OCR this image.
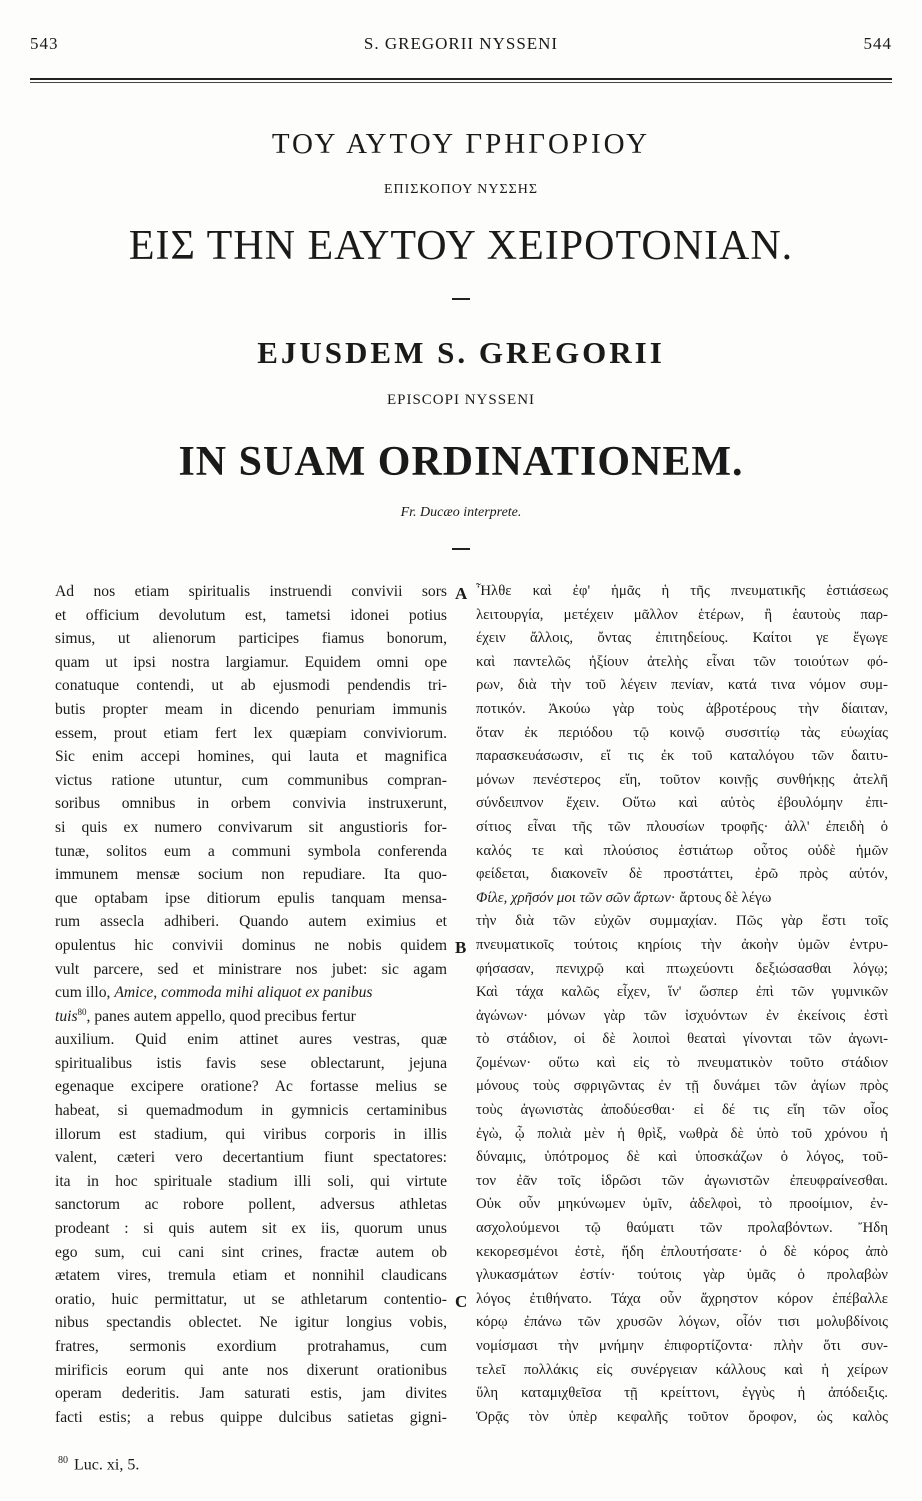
543	S. GREGORII NYSSENI	544
ΤΟΥ ΑΥΤΟΥ ΓΡΗΓΟΡΙΟΥ
ΕΠΙΣΚΟΠΟΥ ΝΥΣΣΗΣ
ΕΙΣ ΤΗΝ ΕΑΥΤΟΥ ΧΕΙΡΟΤΟΝΙΑΝ.
EJUSDEM S. GREGORII
EPISCOPI NYSSENI
IN SUAM ORDINATIONEM.
Fr. Ducæo interprete.
Ad nos etiam spiritualis instruendi convivii sors
et officium devolutum est, tametsi idonei potius
simus, ut alienorum participes fiamus bonorum,
quam ut ipsi nostra largiamur. Equidem omni ope
conatuque contendi, ut ab ejusmodi pendendis tri-
butis propter meam in dicendo penuriam immunis
essem, prout etiam fert lex quæpiam conviviorum.
Sic enim accepi homines, qui lauta et magnifica
victus ratione utuntur, cum communibus compran-
soribus omnibus in orbem convivia instruxerunt,
si quis ex numero convivarum sit angustioris for-
tunæ, solitos eum a communi symbola conferenda
immunem mensæ socium non repudiare. Ita quo-
que optabam ipse ditiorum epulis tanquam mensa-
rum assecla adhiberi. Quando autem eximius et
opulentus hic convivii dominus ne nobis quidem
vult parcere, sed et ministrare nos jubet: sic agam
cum illo, Amice, commoda mihi aliquot ex panibus
tuis$^{80}$, panes autem appello, quod precibus fertur
auxilium. Quid enim attinet aures vestras, quæ
spiritualibus istis favis sese oblectarunt, jejuna
egenaque excipere oratione? Ac fortasse melius se
habeat, si quemadmodum in gymnicis certaminibus
illorum est stadium, qui viribus corporis in illis
valent, cæteri vero decertantium fiunt spectatores:
ita in hoc spirituale stadium illi soli, qui virtute
sanctorum ac robore pollent, adversus athletas
prodeant : si quis autem sit ex iis, quorum unus
ego sum, cui cani sint crines, fractæ autem ob
ætatem vires, tremula etiam et nonnihil claudicans
oratio, huic permittatur, ut se athletarum contentio-
nibus spectandis oblectet. Ne igitur longius vobis,
fratres, sermonis exordium protrahamus, cum
mirificis eorum qui ante nos dixerunt orationibus
operam dederitis. Jam saturati estis, jam divites
facti estis; a rebus quippe dulcibus satietas gigni-
A
B
C
Ἦλθε καὶ ἐφ' ἡμᾶς ἡ τῆς πνευματικῆς ἑστιάσεως
λειτουργία, μετέχειν μᾶλλον ἑτέρων, ἢ ἑαυτοὺς παρ-
έχειν ἄλλοις, ὄντας ἐπιτηδείους. Καίτοι γε ἔγωγε
καὶ παντελῶς ἠξίουν ἀτελὴς εἶναι τῶν τοιούτων φό-
ρων, διὰ τὴν τοῦ λέγειν πενίαν, κατά τινα νόμον συμ-
ποτικόν. Ἀκούω γὰρ τοὺς ἁβροτέρους τὴν δίαιταν,
ὅταν ἐκ περιόδου τῷ κοινῷ συσσιτίῳ τὰς εὐωχίας
παρασκευάσωσιν, εἴ τις ἐκ τοῦ καταλόγου τῶν δαιτυ-
μόνων πενέστερος εἴη, τοῦτον κοινῇς συνθήκῃς ἀτελῆ
σύνδειπνον ἔχειν. Οὕτω καὶ αὐτὸς ἐβουλόμην ἐπι-
σίτιος εἶναι τῆς τῶν πλουσίων τροφῆς· ἀλλ' ἐπειδὴ ὁ
καλός τε καὶ πλούσιος ἑστιάτωρ οὗτος οὐδὲ ἡμῶν
φείδεται, διακονεῖν δὲ προστάττει, ἐρῶ πρὸς αὐτόν,
Φίλε, χρῆσόν μοι τῶν σῶν ἄρτων· ἄρτους δὲ λέγω
τὴν διὰ τῶν εὐχῶν συμμαχίαν. Πῶς γὰρ ἔστι τοῖς
πνευματικοῖς τούτοις κηρίοις τὴν ἀκοὴν ὑμῶν ἐντρυ-
φήσασαν, πενιχρῷ καὶ πτωχεύοντι δεξιώσασθαι λόγῳ;
Καὶ τάχα καλῶς εἶχεν, ἵν' ὥσπερ ἐπὶ τῶν γυμνικῶν
ἀγώνων· μόνων γὰρ τῶν ἰσχυόντων ἐν ἐκείνοις ἐστὶ
τὸ στάδιον, οἱ δὲ λοιποὶ θεαταὶ γίνονται τῶν ἀγωνι-
ζομένων· οὕτω καὶ εἰς τὸ πνευματικὸν τοῦτο στάδιον
μόνους τοὺς σφριγῶντας ἐν τῇ δυνάμει τῶν ἁγίων πρὸς
τοὺς ἀγωνιστὰς ἀποδύεσθαι· εἰ δέ τις εἴη τῶν οἷος
ἐγὼ, ᾧ πολιὰ μὲν ἡ θρὶξ, νωθρὰ δὲ ὑπὸ τοῦ χρόνου ἡ
δύναμις, ὑπότρομος δὲ καὶ ὑποσκάζων ὁ λόγος, τοῦ-
τον ἐᾶν τοῖς ἱδρῶσι τῶν ἀγωνιστῶν ἐπευφραίνεσθαι.
Οὐκ οὖν μηκύνωμεν ὑμῖν, ἀδελφοὶ, τὸ προοίμιον, ἐν-
ασχολούμενοι τῷ θαύματι τῶν προλαβόντων. Ἤδη
κεκορεσμένοι ἐστὲ, ἤδη ἐπλουτήσατε· ὁ δὲ κόρος ἀπὸ
γλυκασμάτων ἐστίν· τούτοις γὰρ ὑμᾶς ὁ προλαβὼν
λόγος ἐτιθήνατο. Τάχα οὖν ἄχρηστον κόρον ἐπέβαλλε
κόρῳ ἐπάνω τῶν χρυσῶν λόγων, οἷόν τισι μολυβδίνοις
νομίσμασι τὴν μνήμην ἐπιφορτίζοντα· πλὴν ὅτι συν-
τελεῖ πολλάκις εἰς συνέργειαν κάλλους καὶ ἡ χείρων
ὕλη καταμιχθεῖσα τῇ κρείττονι, ἐγγὺς ἡ ἀπόδειξις.
Ὁρᾷς τὸν ὑπὲρ κεφαλῆς τοῦτον ὄροφον, ὡς καλὸς
$^{80}$ Luc. xi, 5.
